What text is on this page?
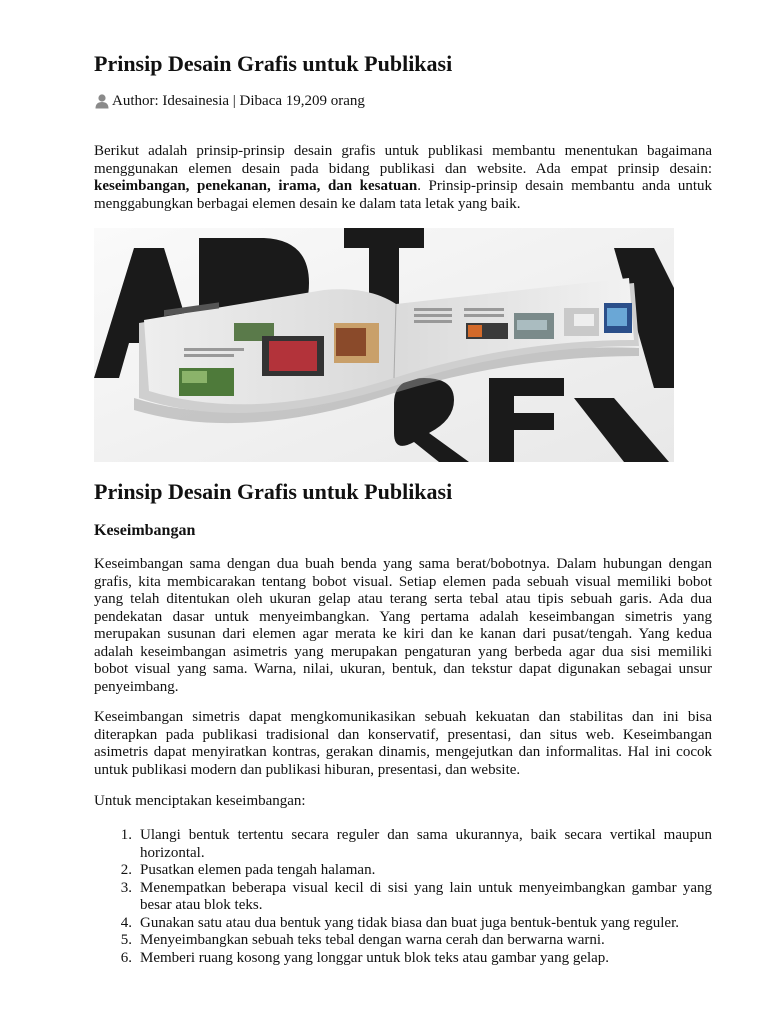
Prinsip Desain Grafis untuk Publikasi
Author: Idesainesia | Dibaca 19,209 orang

Berikut adalah prinsip-prinsip desain grafis untuk publikasi membantu menentukan bagaimana menggunakan elemen desain pada bidang publikasi dan website. Ada empat prinsip desain: keseimbangan, penekanan, irama, dan kesatuan. Prinsip-prinsip desain membantu anda untuk menggabungkan berbagai elemen desain ke dalam tata letak yang baik.

Prinsip Desain Grafis untuk Publikasi
Keseimbangan

Keseimbangan sama dengan dua buah benda yang sama berat/bobotnya. Dalam hubungan dengan grafis, kita membicarakan tentang bobot visual. Setiap elemen pada sebuah visual memiliki bobot yang telah ditentukan oleh ukuran gelap atau terang serta tebal atau tipis sebuah garis. Ada dua pendekatan dasar untuk menyeimbangkan. Yang pertama adalah keseimbangan simetris yang merupakan susunan dari elemen agar merata ke kiri dan ke kanan dari pusat/tengah. Yang kedua adalah keseimbangan asimetris yang merupakan pengaturan yang berbeda agar dua sisi memiliki bobot visual yang sama. Warna, nilai, ukuran, bentuk, dan tekstur dapat digunakan sebagai unsur penyeimbang.

Keseimbangan simetris dapat mengkomunikasikan sebuah kekuatan dan stabilitas dan ini bisa diterapkan pada publikasi tradisional dan konservatif, presentasi, dan situs web. Keseimbangan asimetris dapat menyiratkan kontras, gerakan dinamis, mengejutkan dan informalitas. Hal ini cocok untuk publikasi modern dan publikasi hiburan, presentasi, dan website.

Untuk menciptakan keseimbangan:

1. Ulangi bentuk tertentu secara reguler dan sama ukurannya, baik secara vertikal maupun horizontal.
2. Pusatkan elemen pada tengah halaman.
3. Menempatkan beberapa visual kecil di sisi yang lain untuk menyeimbangkan gambar yang besar atau blok teks.
4. Gunakan satu atau dua bentuk yang tidak biasa dan buat juga bentuk-bentuk yang reguler.
5. Menyeimbangkan sebuah teks tebal dengan warna cerah dan berwarna warni.
6. Memberi ruang kosong yang longgar untuk blok teks atau gambar yang gelap.
